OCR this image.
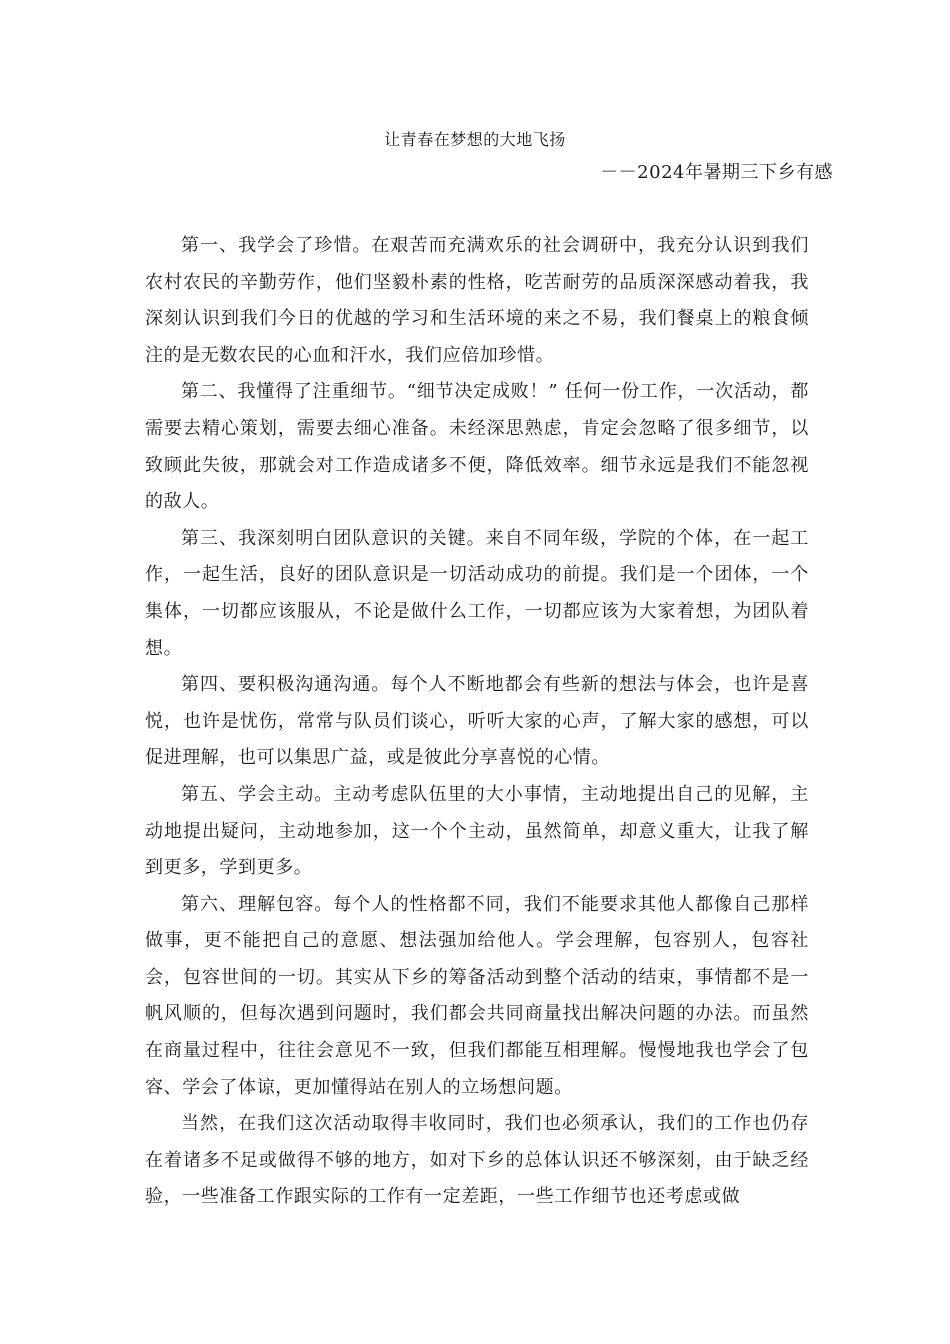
让青春在梦想的大地飞扬
－－2024年暑期三下乡有感

第一、我学会了珍惜。在艰苦而充满欢乐的社会调研中，我充分认识到我们农村农民的辛勤劳作，他们坚毅朴素的性格，吃苦耐劳的品质深深感动着我，我深刻认识到我们今日的优越的学习和生活环境的来之不易，我们餐桌上的粮食倾注的是无数农民的心血和汗水，我们应倍加珍惜。

第二、我懂得了注重细节。“细节决定成败！” 任何一份工作，一次活动，都需要去精心策划，需要去细心准备。未经深思熟虑，肯定会忽略了很多细节，以致顾此失彼，那就会对工作造成诸多不便，降低效率。细节永远是我们不能忽视的敌人。

第三、我深刻明白团队意识的关键。来自不同年级，学院的个体，在一起工作，一起生活，良好的团队意识是一切活动成功的前提。我们是一个团体，一个集体，一切都应该服从，不论是做什么工作，一切都应该为大家着想，为团队着想。

第四、要积极沟通沟通。每个人不断地都会有些新的想法与体会，也许是喜悦，也许是忧伤，常常与队员们谈心，听听大家的心声，了解大家的感想，可以促进理解，也可以集思广益，或是彼此分享喜悦的心情。

第五、学会主动。主动考虑队伍里的大小事情，主动地提出自己的见解，主动地提出疑问，主动地参加，这一个个主动，虽然简单，却意义重大，让我了解到更多，学到更多。

第六、理解包容。每个人的性格都不同，我们不能要求其他人都像自己那样做事，更不能把自己的意愿、想法强加给他人。学会理解，包容别人，包容社会，包容世间的一切。其实从下乡的筹备活动到整个活动的结束，事情都不是一帆风顺的，但每次遇到问题时，我们都会共同商量找出解决问题的办法。而虽然在商量过程中，往往会意见不一致，但我们都能互相理解。慢慢地我也学会了包容、学会了体谅，更加懂得站在别人的立场想问题。

当然，在我们这次活动取得丰收同时，我们也必须承认，我们的工作也仍存在着诸多不足或做得不够的地方，如对下乡的总体认识还不够深刻，由于缺乏经验，一些准备工作跟实际的工作有一定差距，一些工作细节也还考虑或做
